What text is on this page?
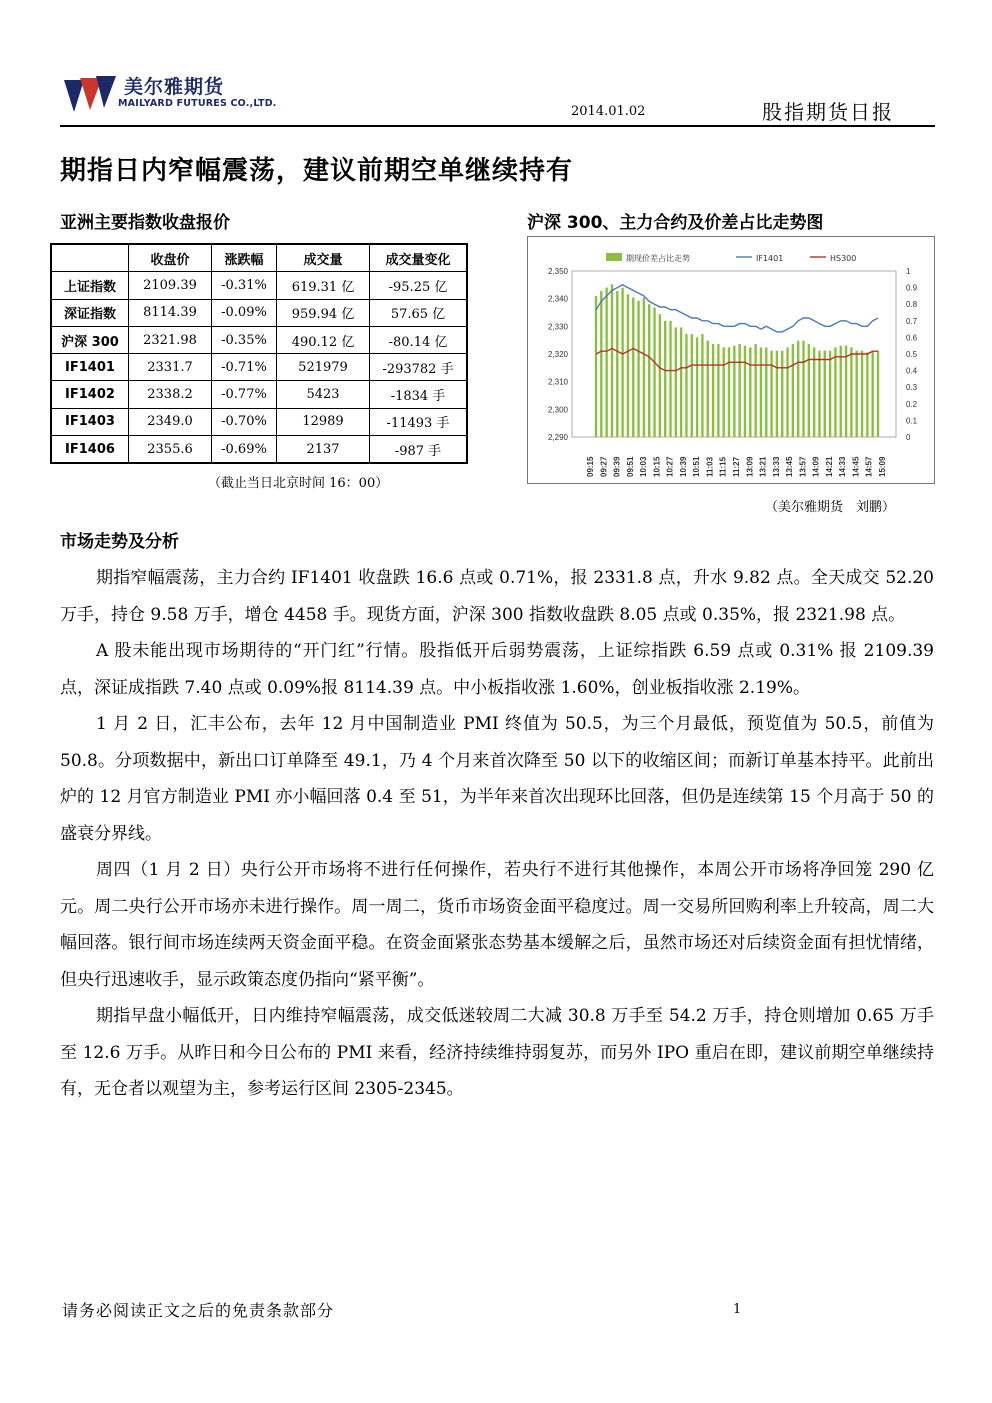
美尔雅期货
MAILYARD FUTURES CO.,LTD.
2014.01.02	股指期货日报
期指日内窄幅震荡，建议前期空单继续持有
亚洲主要指数收盘报价
	收盘价	涨跌幅	成交量	成交量变化
上证指数	2109.39	-0.31%	619.31 亿	-95.25 亿
深证指数	8114.39	-0.09%	959.94 亿	57.65 亿
沪深 300	2321.98	-0.35%	490.12 亿	-80.14 亿
IF1401	2331.7	-0.71%	521979	-293782 手
IF1402	2338.2	-0.77%	5423	-1834 手
IF1403	2349.0	-0.70%	12989	-11493 手
IF1406	2355.6	-0.69%	2137	-987 手
（截止当日北京时间 16：00）
沪深 300、主力合约及价差占比走势图
2,290
2,300
2,310
2,320
2,330
2,340
2,350
0
0.1
0.2
0.3
0.4
0.5
0.6
0.7
0.8
0.9
1
09:15 09:27 09:39 09:51 10:03 10:15 10:27 10:39 10:51 11:03 11:15 11:27 13:09 13:21 13:33 13:45 13:57 14:09 14:21 14:33 14:45 14:57 15:09
期现价差占比走势	IF1401	HS300
（美尔雅期货　刘鹏）
市场走势及分析

期指窄幅震荡，主力合约 IF1401 收盘跌 16.6 点或 0.71%，报 2331.8 点，升水 9.82 点。全天成交 52.20 万手，持仓 9.58 万手，增仓 4458 手。现货方面，沪深 300 指数收盘跌 8.05 点或 0.35%，报 2321.98 点。

A 股未能出现市场期待的“开门红”行情。股指低开后弱势震荡，上证综指跌 6.59 点或 0.31% 报 2109.39 点，深证成指跌 7.40 点或 0.09%报 8114.39 点。中小板指收涨 1.60%，创业板指收涨 2.19%。

1 月 2 日，汇丰公布，去年 12 月中国制造业 PMI 终值为 50.5，为三个月最低，预览值为 50.5，前值为 50.8。分项数据中，新出口订单降至 49.1，乃 4 个月来首次降至 50 以下的收缩区间；而新订单基本持平。此前出炉的 12 月官方制造业 PMI 亦小幅回落 0.4 至 51，为半年来首次出现环比回落，但仍是连续第 15 个月高于 50 的盛衰分界线。

周四（1 月 2 日）央行公开市场将不进行任何操作，若央行不进行其他操作，本周公开市场将净回笼 290 亿元。周二央行公开市场亦未进行操作。周一周二，货币市场资金面平稳度过。周一交易所回购利率上升较高，周二大幅回落。银行间市场连续两天资金面平稳。在资金面紧张态势基本缓解之后，虽然市场还对后续资金面有担忧情绪，但央行迅速收手，显示政策态度仍指向“紧平衡”。

期指早盘小幅低开，日内维持窄幅震荡，成交低迷较周二大减 30.8 万手至 54.2 万手，持仓则增加 0.65 万手至 12.6 万手。从昨日和今日公布的 PMI 来看，经济持续维持弱复苏，而另外 IPO 重启在即，建议前期空单继续持有，无仓者以观望为主，参考运行区间 2305-2345。

请务必阅读正文之后的免责条款部分	1
